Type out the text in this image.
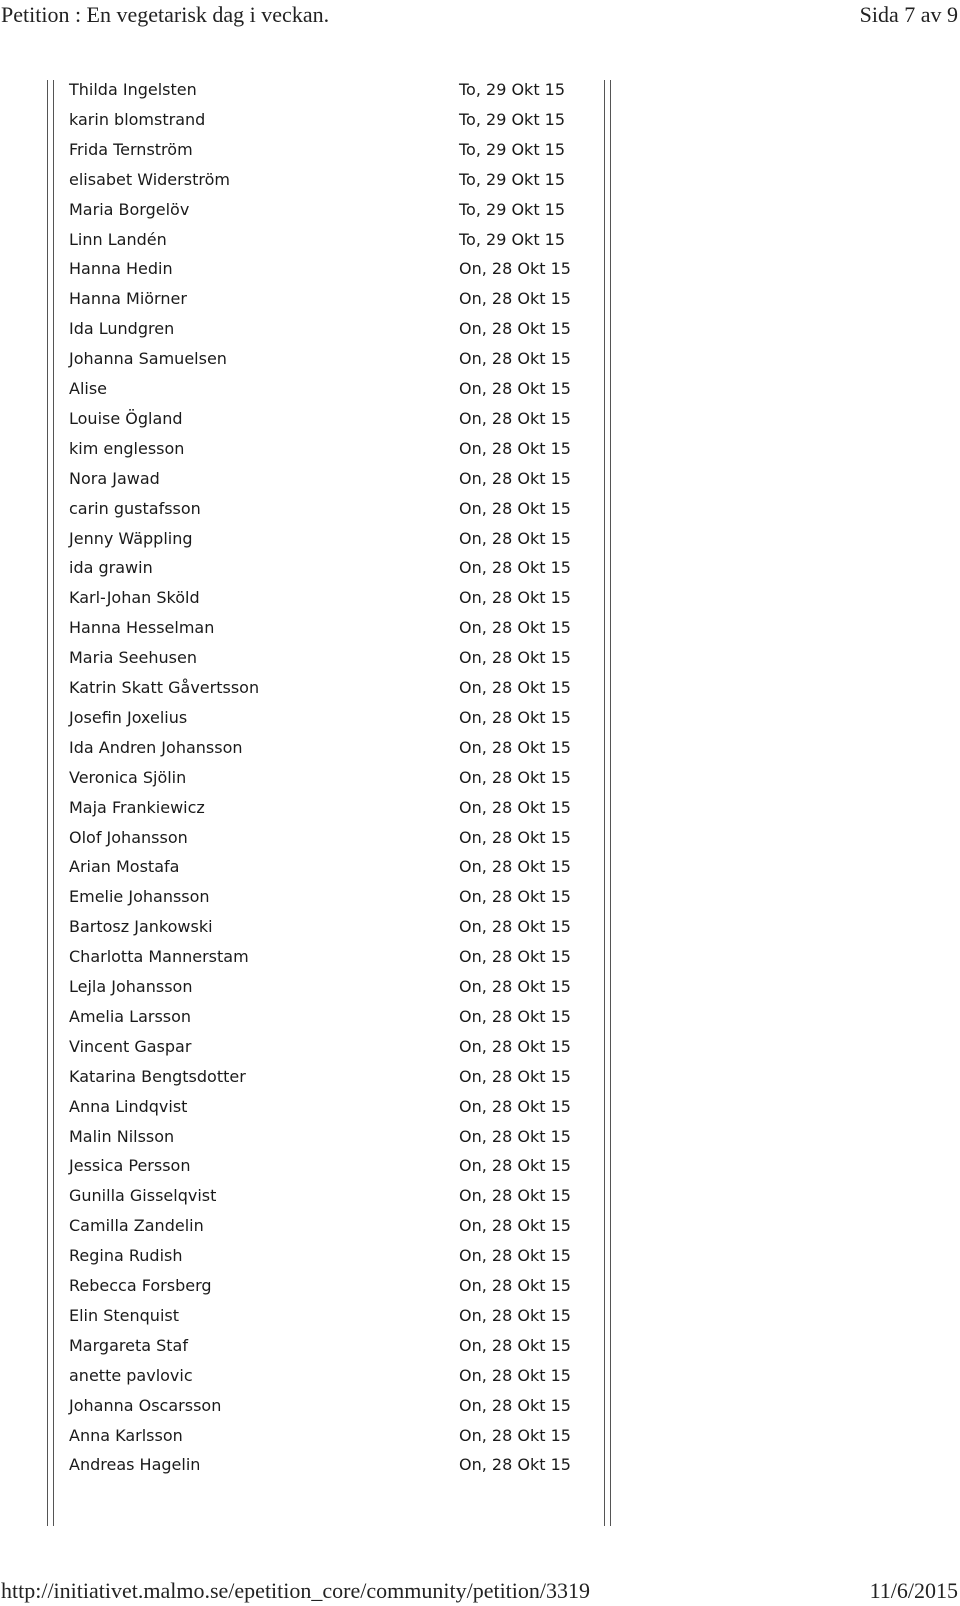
Petition : En vegetarisk dag i veckan.	Sida 7 av 9
Thilda Ingelsten	To, 29 Okt 15
karin blomstrand	To, 29 Okt 15
Frida Ternström	To, 29 Okt 15
elisabet Widerström	To, 29 Okt 15
Maria Borgelöv	To, 29 Okt 15
Linn Landén	To, 29 Okt 15
Hanna Hedin	On, 28 Okt 15
Hanna Miörner	On, 28 Okt 15
Ida Lundgren	On, 28 Okt 15
Johanna Samuelsen	On, 28 Okt 15
Alise	On, 28 Okt 15
Louise Ögland	On, 28 Okt 15
kim englesson	On, 28 Okt 15
Nora Jawad	On, 28 Okt 15
carin gustafsson	On, 28 Okt 15
Jenny Wäppling	On, 28 Okt 15
ida grawin	On, 28 Okt 15
Karl-Johan Sköld	On, 28 Okt 15
Hanna Hesselman	On, 28 Okt 15
Maria Seehusen	On, 28 Okt 15
Katrin Skatt Gåvertsson	On, 28 Okt 15
Josefin Joxelius	On, 28 Okt 15
Ida Andren Johansson	On, 28 Okt 15
Veronica Sjölin	On, 28 Okt 15
Maja Frankiewicz	On, 28 Okt 15
Olof Johansson	On, 28 Okt 15
Arian Mostafa	On, 28 Okt 15
Emelie Johansson	On, 28 Okt 15
Bartosz Jankowski	On, 28 Okt 15
Charlotta Mannerstam	On, 28 Okt 15
Lejla Johansson	On, 28 Okt 15
Amelia Larsson	On, 28 Okt 15
Vincent Gaspar	On, 28 Okt 15
Katarina Bengtsdotter	On, 28 Okt 15
Anna Lindqvist	On, 28 Okt 15
Malin Nilsson	On, 28 Okt 15
Jessica Persson	On, 28 Okt 15
Gunilla Gisselqvist	On, 28 Okt 15
Camilla Zandelin	On, 28 Okt 15
Regina Rudish	On, 28 Okt 15
Rebecca Forsberg	On, 28 Okt 15
Elin Stenquist	On, 28 Okt 15
Margareta Staf	On, 28 Okt 15
anette pavlovic	On, 28 Okt 15
Johanna Oscarsson	On, 28 Okt 15
Anna Karlsson	On, 28 Okt 15
Andreas Hagelin	On, 28 Okt 15
http://initiativet.malmo.se/epetition_core/community/petition/3319	11/6/2015
